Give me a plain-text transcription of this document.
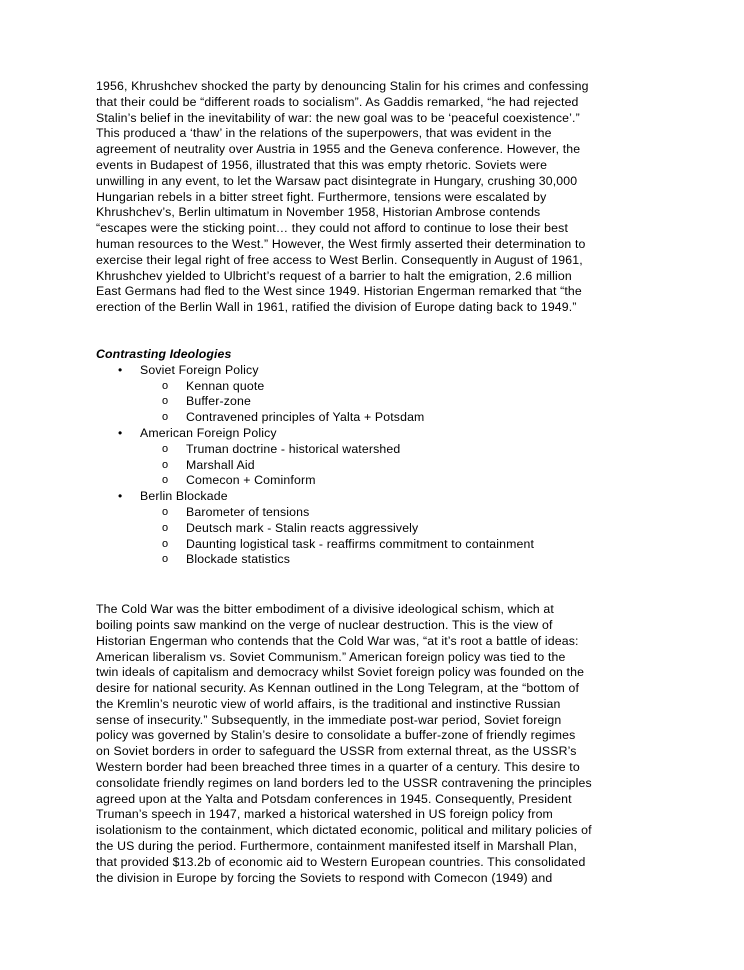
1956, Khrushchev shocked the party by denouncing Stalin for his crimes and confessing
that their could be “different roads to socialism”. As Gaddis remarked, “he had rejected
Stalin’s belief in the inevitability of war: the new goal was to be ‘peaceful coexistence’.”
This produced a ‘thaw’ in the relations of the superpowers, that was evident in the
agreement of neutrality over Austria in 1955 and the Geneva conference. However, the
events in Budapest of 1956, illustrated that this was empty rhetoric. Soviets were
unwilling in any event, to let the Warsaw pact disintegrate in Hungary, crushing 30,000
Hungarian rebels in a bitter street fight. Furthermore, tensions were escalated by
Khrushchev’s, Berlin ultimatum in November 1958, Historian Ambrose contends
“escapes were the sticking point… they could not afford to continue to lose their best
human resources to the West.” However, the West firmly asserted their determination to
exercise their legal right of free access to West Berlin. Consequently in August of 1961,
Khrushchev yielded to Ulbricht’s request of a barrier to halt the emigration, 2.6 million
East Germans had fled to the West since 1949. Historian Engerman remarked that “the
erection of the Berlin Wall in 1961, ratified the division of Europe dating back to 1949.”

Contrasting Ideologies
• Soviet Foreign Policy
o Kennan quote
o Buffer-zone
o Contravened principles of Yalta + Potsdam
• American Foreign Policy
o Truman doctrine - historical watershed
o Marshall Aid
o Comecon + Cominform
• Berlin Blockade
o Barometer of tensions
o Deutsch mark - Stalin reacts aggressively
o Daunting logistical task - reaffirms commitment to containment
o Blockade statistics

The Cold War was the bitter embodiment of a divisive ideological schism, which at
boiling points saw mankind on the verge of nuclear destruction. This is the view of
Historian Engerman who contends that the Cold War was, “at it’s root a battle of ideas:
American liberalism vs. Soviet Communism.” American foreign policy was tied to the
twin ideals of capitalism and democracy whilst Soviet foreign policy was founded on the
desire for national security. As Kennan outlined in the Long Telegram, at the “bottom of
the Kremlin’s neurotic view of world affairs, is the traditional and instinctive Russian
sense of insecurity.” Subsequently, in the immediate post-war period, Soviet foreign
policy was governed by Stalin’s desire to consolidate a buffer-zone of friendly regimes
on Soviet borders in order to safeguard the USSR from external threat, as the USSR’s
Western border had been breached three times in a quarter of a century. This desire to
consolidate friendly regimes on land borders led to the USSR contravening the principles
agreed upon at the Yalta and Potsdam conferences in 1945. Consequently, President
Truman’s speech in 1947, marked a historical watershed in US foreign policy from
isolationism to the containment, which dictated economic, political and military policies of
the US during the period. Furthermore, containment manifested itself in Marshall Plan,
that provided $13.2b of economic aid to Western European countries. This consolidated
the division in Europe by forcing the Soviets to respond with Comecon (1949) and
